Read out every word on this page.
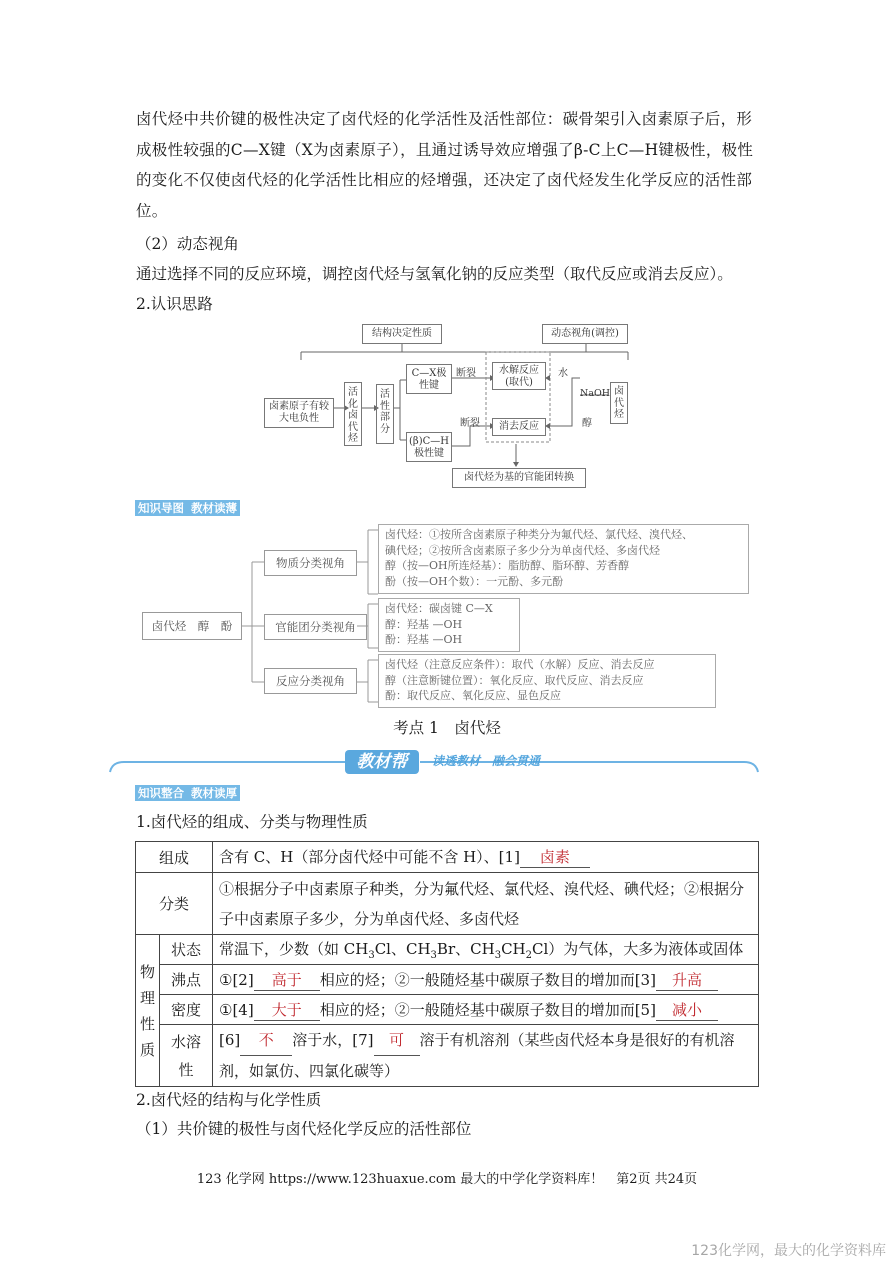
卤代烃中共价键的极性决定了卤代烃的化学活性及活性部位：碳骨架引入卤素原子后，形成极性较强的C—X键（X为卤素原子），且通过诱导效应增强了β-C上C—H键极性，极性的变化不仅使卤代烃的化学活性比相应的烃增强，还决定了卤代烃发生化学反应的活性部位。
（2）动态视角
通过选择不同的反应环境，调控卤代烃与氢氧化钠的反应类型（取代反应或消去反应）。
2.认识思路
结构决定性质	动态视角(调控)
卤素原子有较大电负性
活化卤代烃
活性部分
C—X极性键
(β)C—H极性键
断裂
断裂
水解反应(取代)
消去反应
水
NaOH
醇
卤代烃
卤代烃为基的官能团转换
知识导图 教材读薄
卤代烃　醇　酚
物质分类视角
官能团分类视角
反应分类视角
卤代烃：①按所含卤素原子种类分为氟代烃、氯代烃、溴代烃、
碘代烃；②按所含卤素原子多少分为单卤代烃、多卤代烃
醇（按—OH所连烃基）：脂肪醇、脂环醇、芳香醇
酚（按—OH个数）：一元酚、多元酚
卤代烃：碳卤键 C—X
醇：羟基 —OH
酚：羟基 —OH
卤代烃（注意反应条件）：取代（水解）反应、消去反应
醇（注意断键位置）：氧化反应、取代反应、消去反应
酚：取代反应、氧化反应、显色反应
考点 1　卤代烃
教材帮	读透教材　融会贯通
知识整合 教材读厚
1.卤代烃的组成、分类与物理性质
组成		含有 C、H（部分卤代烃中可能不含 H）、[1] 卤素
分类		①根据分子中卤素原子种类，分为氟代烃、氯代烃、溴代烃、碘代烃；②根据分子中卤素原子多少，分为单卤代烃、多卤代烃
物理性质	状态	常温下，少数（如 $CH_3Cl$、$CH_3Br$、$CH_3CH_2Cl$）为气体，大多为液体或固体
	沸点	①[2] 高于 相应的烃；②一般随烃基中碳原子数目的增加而[3] 升高
	密度	①[4] 大于 相应的烃；②一般随烃基中碳原子数目的增加而[5] 减小
	水溶性	[6] 不 溶于水，[7] 可 溶于有机溶剂（某些卤代烃本身是很好的有机溶剂，如氯仿、四氯化碳等）
2.卤代烃的结构与化学性质
（1）共价键的极性与卤代烃化学反应的活性部位
123 化学网 https://www.123huaxue.com 最大的中学化学资料库！　第2页 共24页
123化学网，最大的化学资料库
